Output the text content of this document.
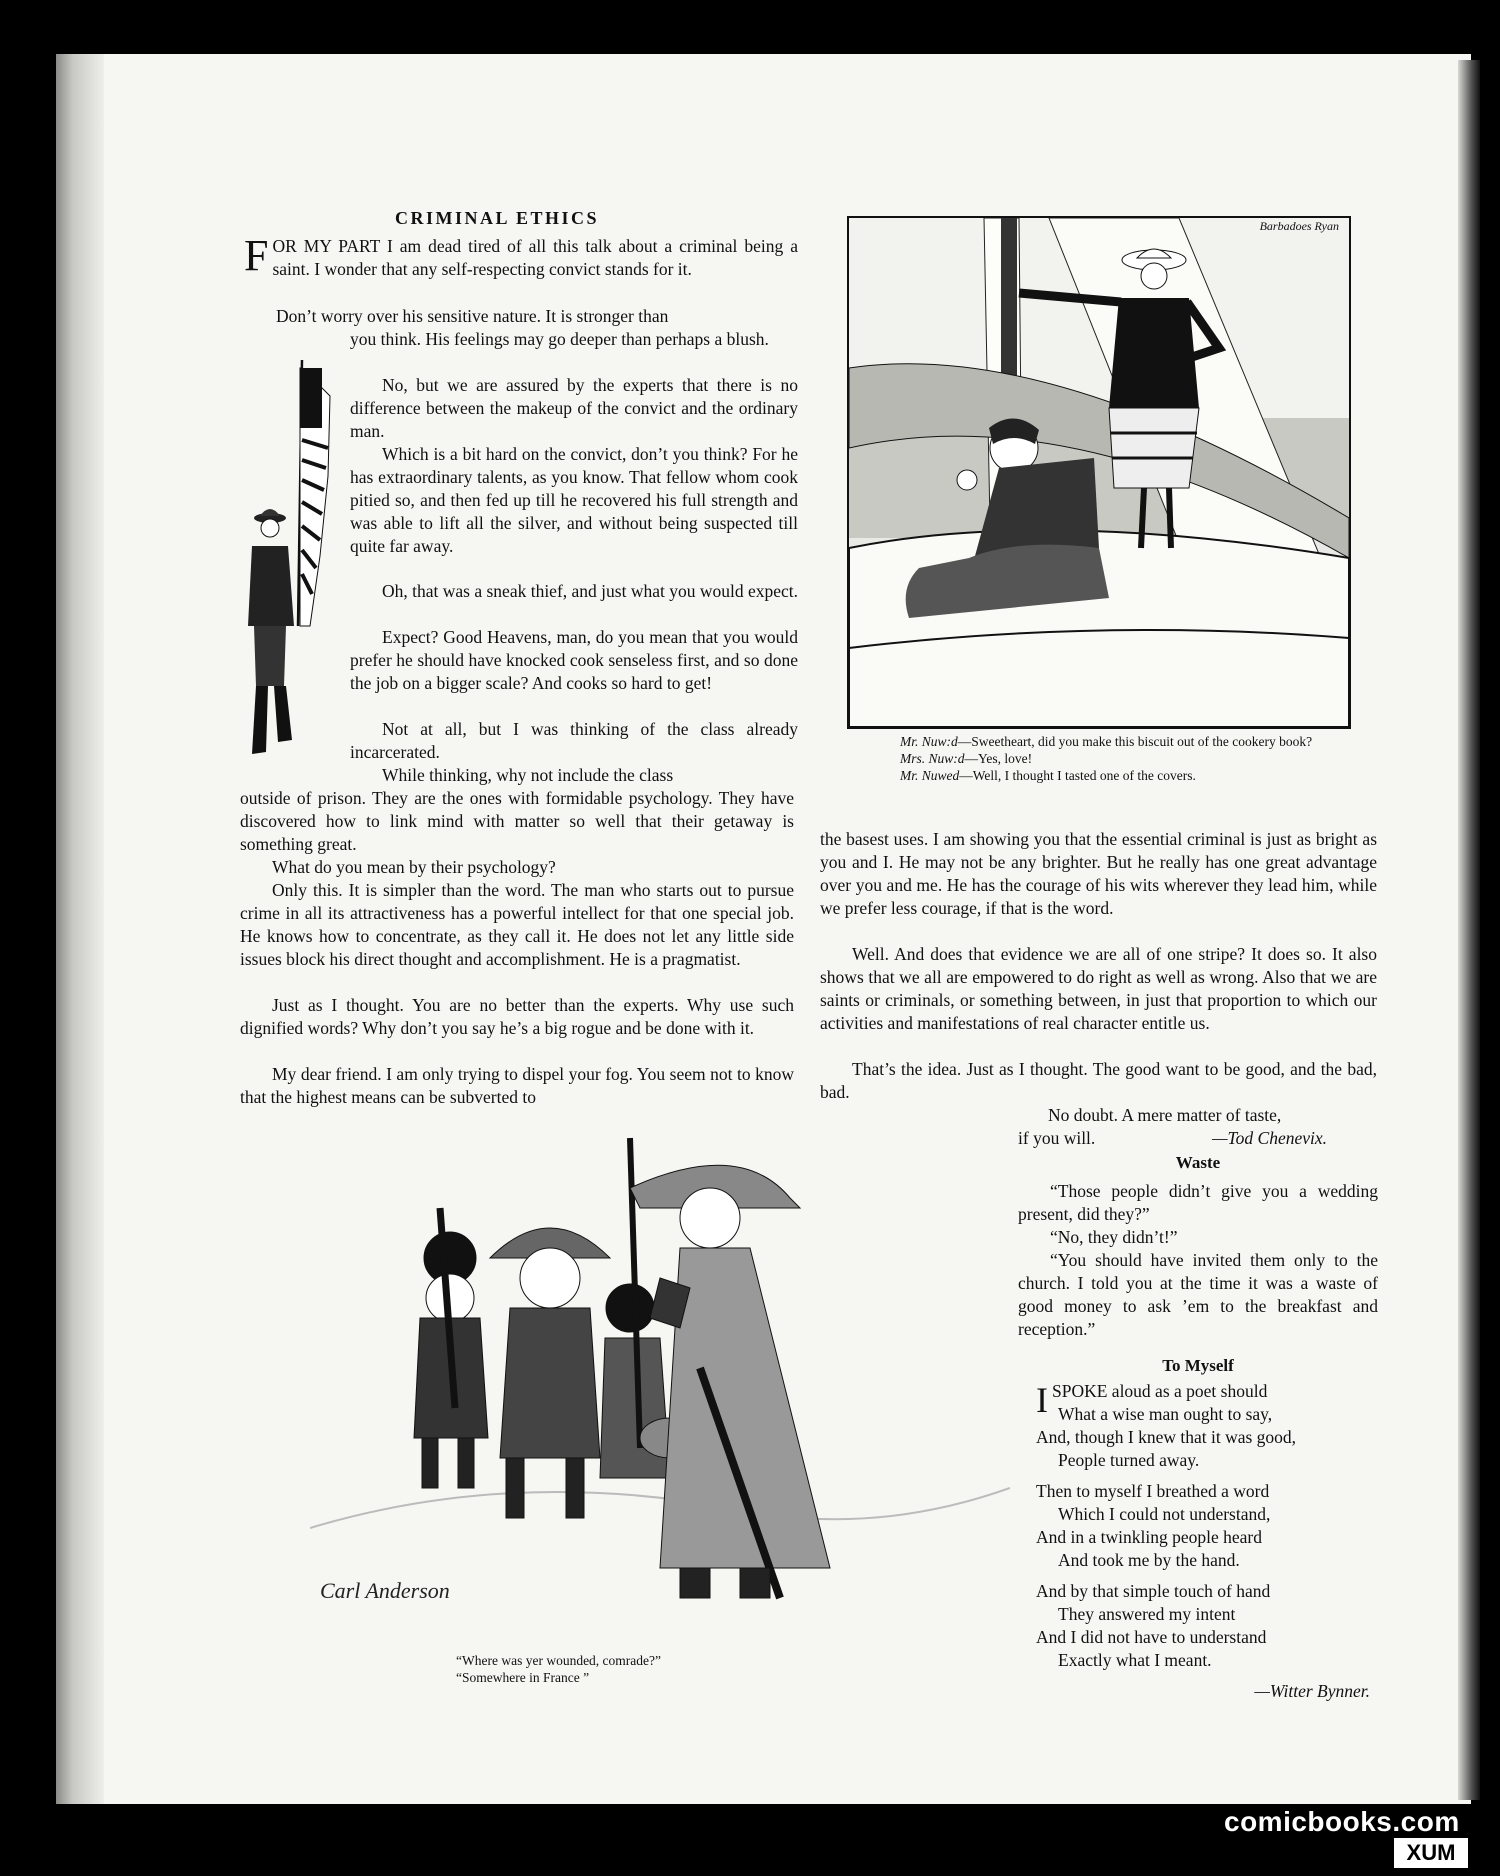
CRIMINAL ETHICS
F OR MY PART I am dead tired of all this talk about a criminal being a saint. I wonder that any self-respecting convict stands for it.
Don’t worry over his sensitive nature. It is stronger than
you think. His feelings may go deeper than perhaps a blush.
No, but we are assured by the experts that there is no difference between the makeup of the convict and the ordinary man.
Which is a bit hard on the convict, don’t you think? For he has extraordinary talents, as you know. That fellow whom cook pitied so, and then fed up till he recovered his full strength and was able to lift all the silver, and without being suspected till quite far away.
Oh, that was a sneak thief, and just what you would expect.
Expect? Good Heavens, man, do you mean that you would prefer he should have knocked cook senseless first, and so done the job on a bigger scale? And cooks so hard to get!
Not at all, but I was thinking of the class already incarcerated.
While thinking, why not include the class
outside of prison. They are the ones with formidable psychology. They have discovered how to link mind with matter so well that their getaway is something great.
What do you mean by their psychology?
Only this. It is simpler than the word. The man who starts out to pursue crime in all its attractiveness has a powerful intellect for that one special job. He knows how to concentrate, as they call it. He does not let any little side issues block his direct thought and accomplishment. He is a pragmatist.
Just as I thought. You are no better than the experts. Why use such dignified words? Why don’t you say he’s a big rogue and be done with it.
My dear friend. I am only trying to dispel your fog. You seem not to know that the highest means can be subverted to
the basest uses. I am showing you that the essential criminal is just as bright as you and I. He may not be any brighter. But he really has one great advantage over you and me. He has the courage of his wits wherever they lead him, while we prefer less courage, if that is the word.
Well. And does that evidence we are all of one stripe? It does so. It also shows that we all are empowered to do right as well as wrong. Also that we are saints or criminals, or something between, in just that proportion to which our activities and manifestations of real character entitle us.
That’s the idea. Just as I thought. The good want to be good, and the bad, bad.
No doubt. A mere matter of taste,
if you will.	—Tod Chenevix.
Barbadoes Ryan

Mr. Nuw:d—Sweetheart, did you make this biscuit out of the cookery book?

Mrs. Nuw:d—Yes, love!

Mr. Nuwed—Well, I thought I tasted one of the covers.

Carl Anderson

“Where was yer wounded, comrade?”

“Somewhere in France ”

Waste
“Those people didn’t give you a wedding present, did they?”
“No, they didn’t!”
“You should have invited them only to the church. I told you at the time it was a waste of good money to ask ’em to the breakfast and reception.”
To Myself
I SPOKE aloud as a poet should

What a wise man ought to say,

And, though I knew that it was good,

People turned away.

Then to myself I breathed a word

Which I could not understand,

And in a twinkling people heard

And took me by the hand.

And by that simple touch of hand

They answered my intent

And I did not have to understand

Exactly what I meant.

—Witter Bynner.

comicbooks.com
XUM
